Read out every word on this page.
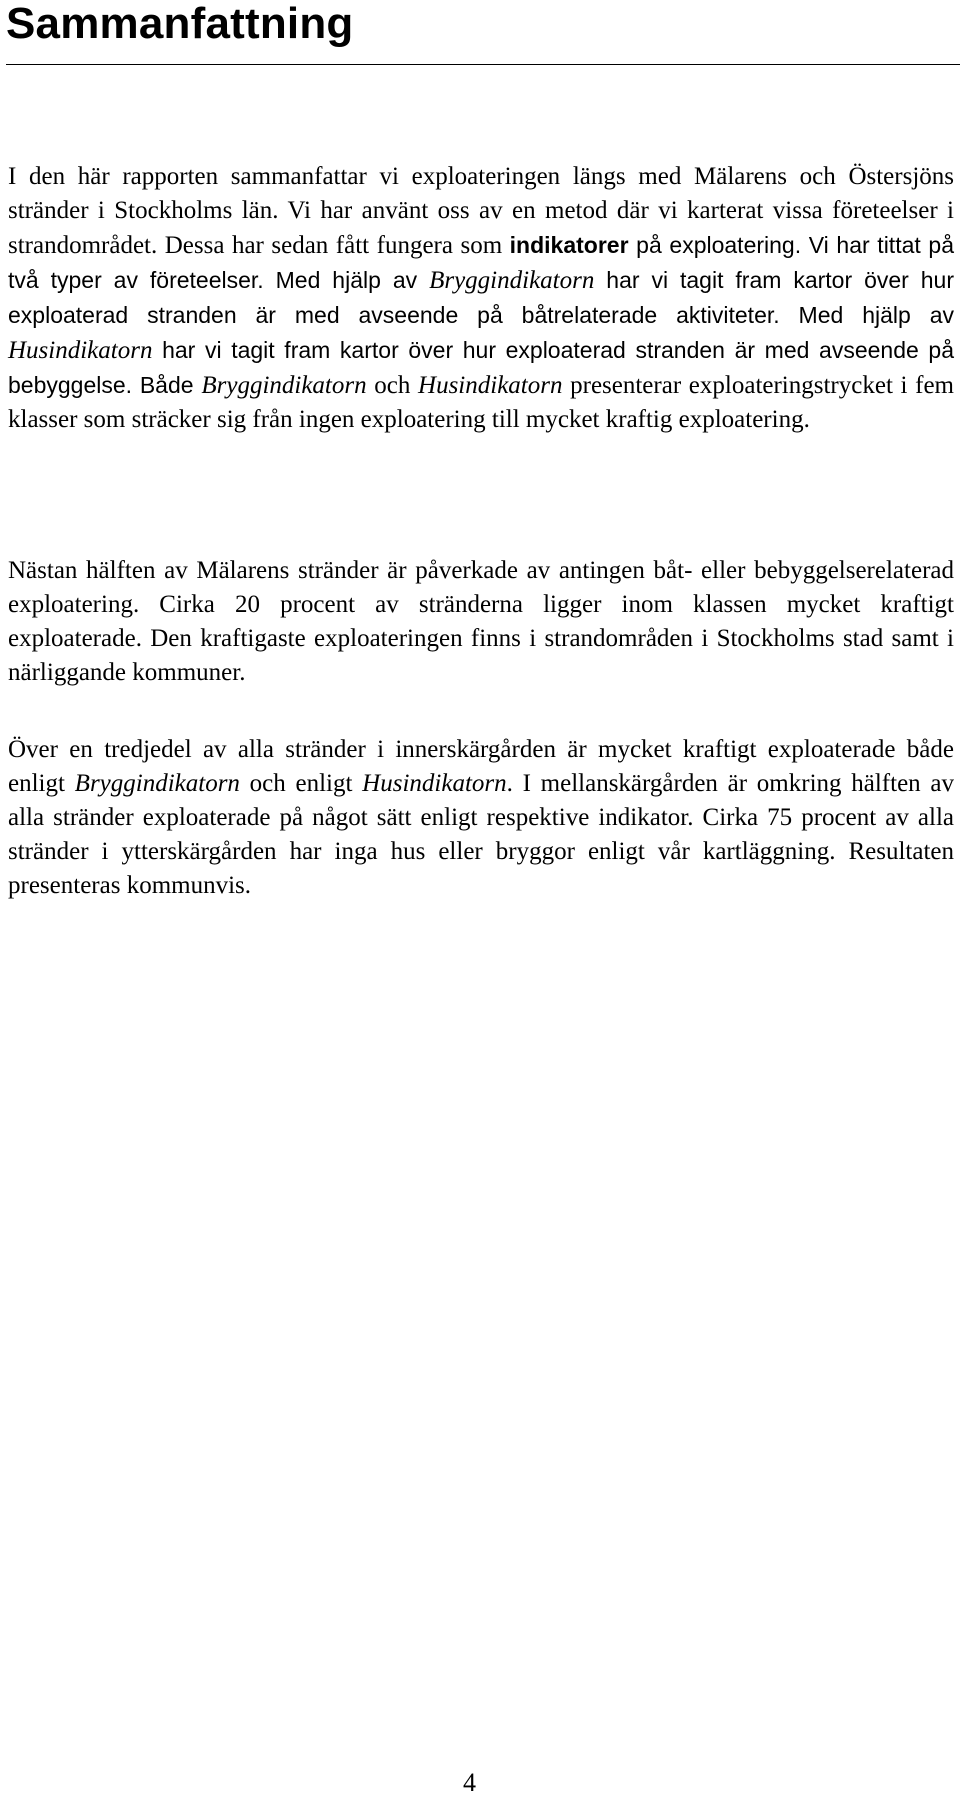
Sammanfattning

I den här rapporten sammanfattar vi exploateringen längs med Mälarens och Östersjöns stränder i Stockholms län. Vi har använt oss av en metod där vi karterat vissa företeelser i strandområdet. Dessa har sedan fått fungera som indikatorer på exploatering. Vi har tittat på två typer av företeelser. Med hjälp av Bryggindikatorn har vi tagit fram kartor över hur exploaterad stranden är med avseende på båtrelaterade aktiviteter. Med hjälp av Husindikatorn har vi tagit fram kartor över hur exploaterad stranden är med avseende på bebyggelse. Både Bryggindikatorn och Husindikatorn presenterar exploateringstrycket i fem klasser som sträcker sig från ingen exploatering till mycket kraftig exploatering.

Nästan hälften av Mälarens stränder är påverkade av antingen båt- eller bebyggelserelaterad exploatering. Cirka 20 procent av stränderna ligger inom klassen mycket kraftigt exploaterade. Den kraftigaste exploateringen finns i strandområden i Stockholms stad samt i närliggande kommuner.

Över en tredjedel av alla stränder i innerskärgården är mycket kraftigt exploaterade både enligt Bryggindikatorn och enligt Husindikatorn. I mellanskärgården är omkring hälften av alla stränder exploaterade på något sätt enligt respektive indikator. Cirka 75 procent av alla stränder i ytterskärgården har inga hus eller bryggor enligt vår kartläggning. Resultaten presenteras kommunvis.

4
